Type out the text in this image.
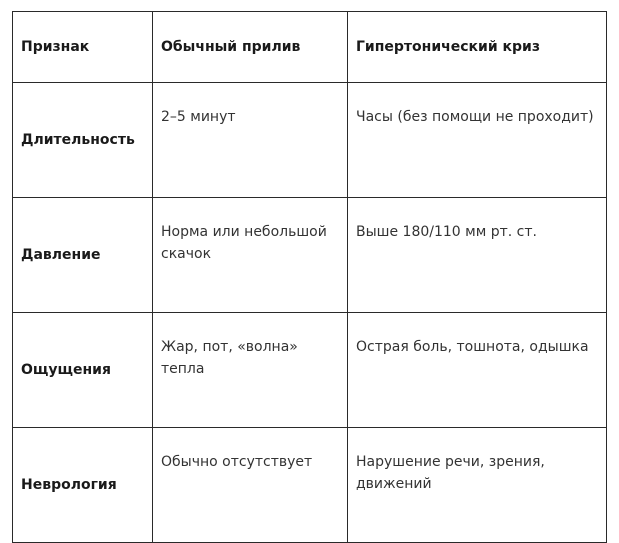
Признак	Обычный прилив	Гипертонический криз
Длительность	2–5 минут	Часы (без помощи не проходит)
Давление	Норма или небольшой скачок	Выше 180/110 мм рт. ст.
Ощущения	Жар, пот, «волна» тепла	Острая боль, тошнота, одышка
Неврология	Обычно отсутствует	Нарушение речи, зрения, движений
